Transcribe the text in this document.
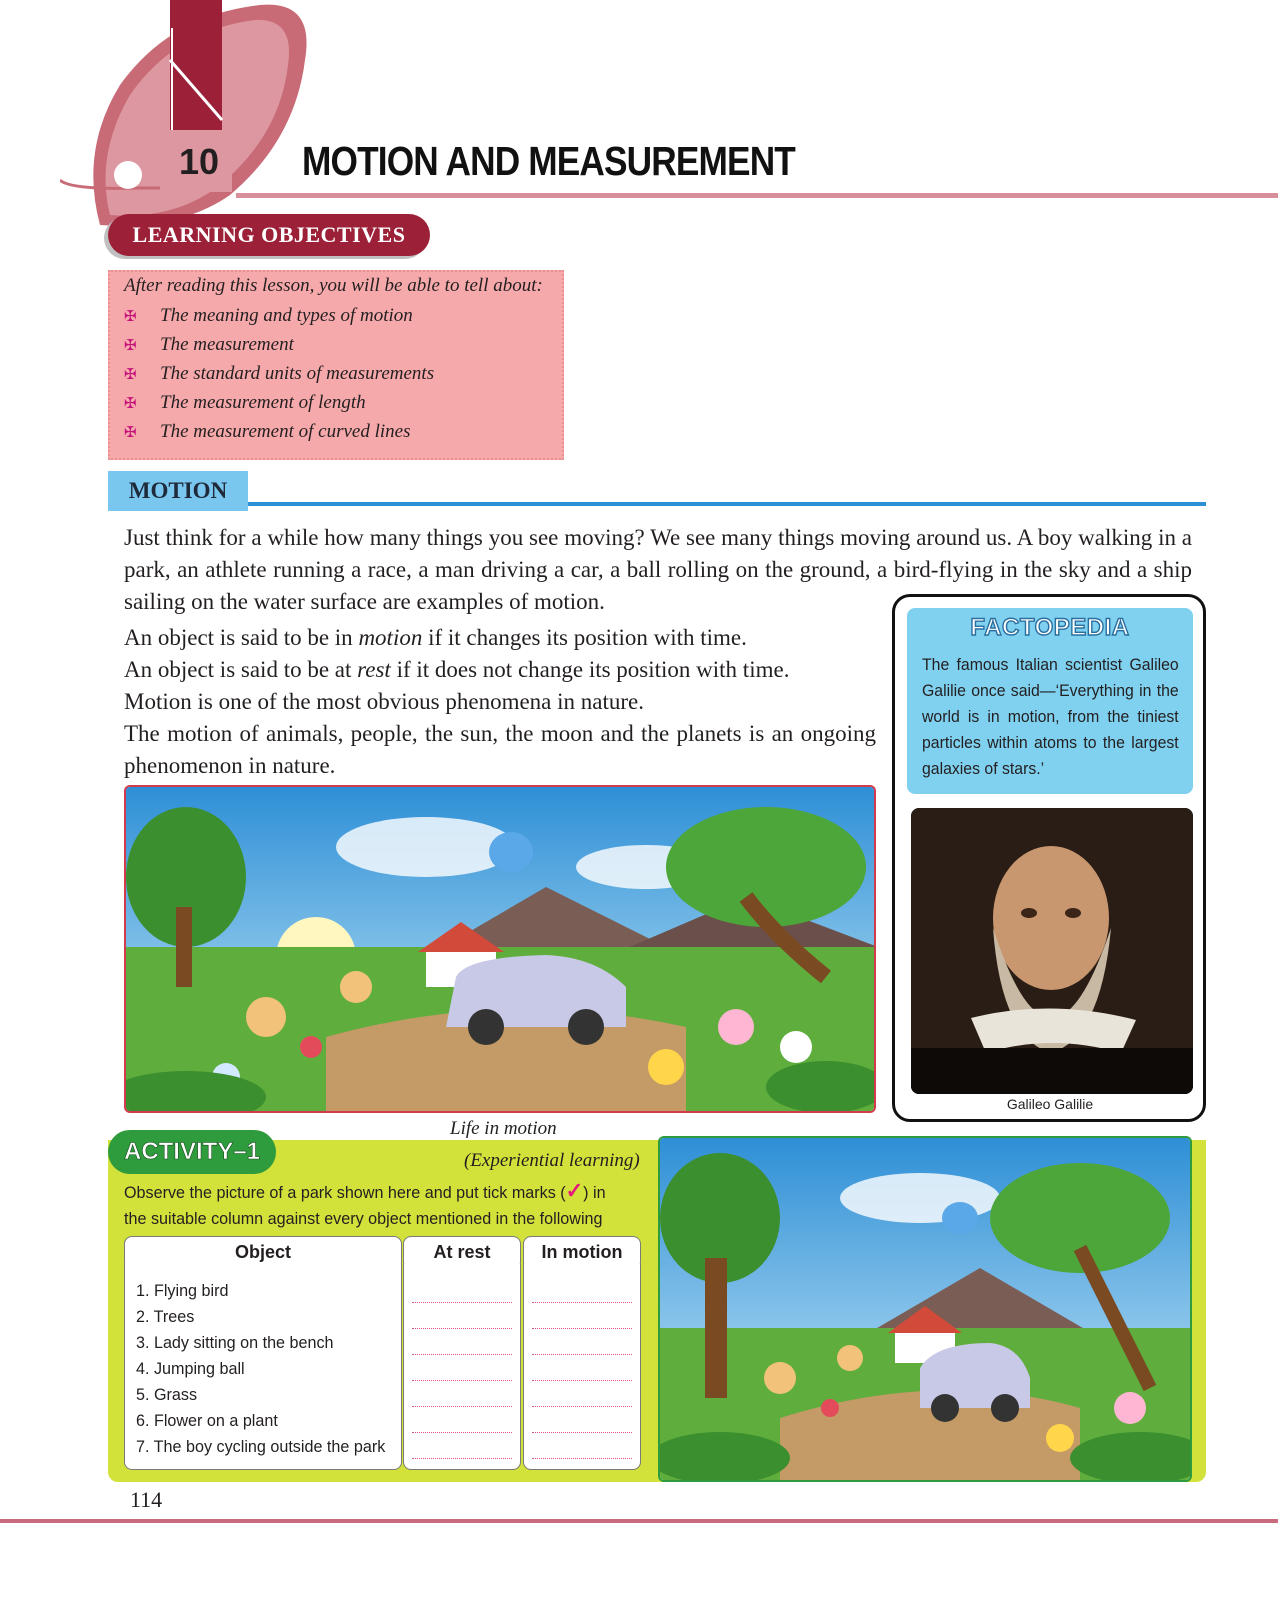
10 MOTION AND MEASUREMENT
LEARNING OBJECTIVES
After reading this lesson, you will be able to tell about:
✠ The meaning and types of motion
✠ The measurement
✠ The standard units of measurements
✠ The measurement of length
✠ The measurement of curved lines
MOTION
Just think for a while how many things you see moving? We see many things moving around us. A boy walking in a park, an athlete running a race, a man driving a car, a ball rolling on the ground, a bird-flying in the sky and a ship sailing on the water surface are examples of motion.
An object is said to be in motion if it changes its position with time.
An object is said to be at rest if it does not change its position with time.
Motion is one of the most obvious phenomena in nature.
The motion of animals, people, the sun, the moon and the planets is an ongoing phenomenon in nature.
Life in motion
FACTOPEDIA
The famous Italian scientist Galileo Galilie once said—‘Everything in the world is in motion, from the tiniest particles within atoms to the largest galaxies of stars.’
Galileo Galilie
ACTIVITY–1	(Experiential learning)
Observe the picture of a park shown here and put tick marks (✓) in the suitable column against every object mentioned in the following
Object	At rest	In motion
1. Flying bird
2. Trees
3. Lady sitting on the bench
4. Jumping ball
5. Grass
6. Flower on a plant
7. The boy cycling outside the park
114
